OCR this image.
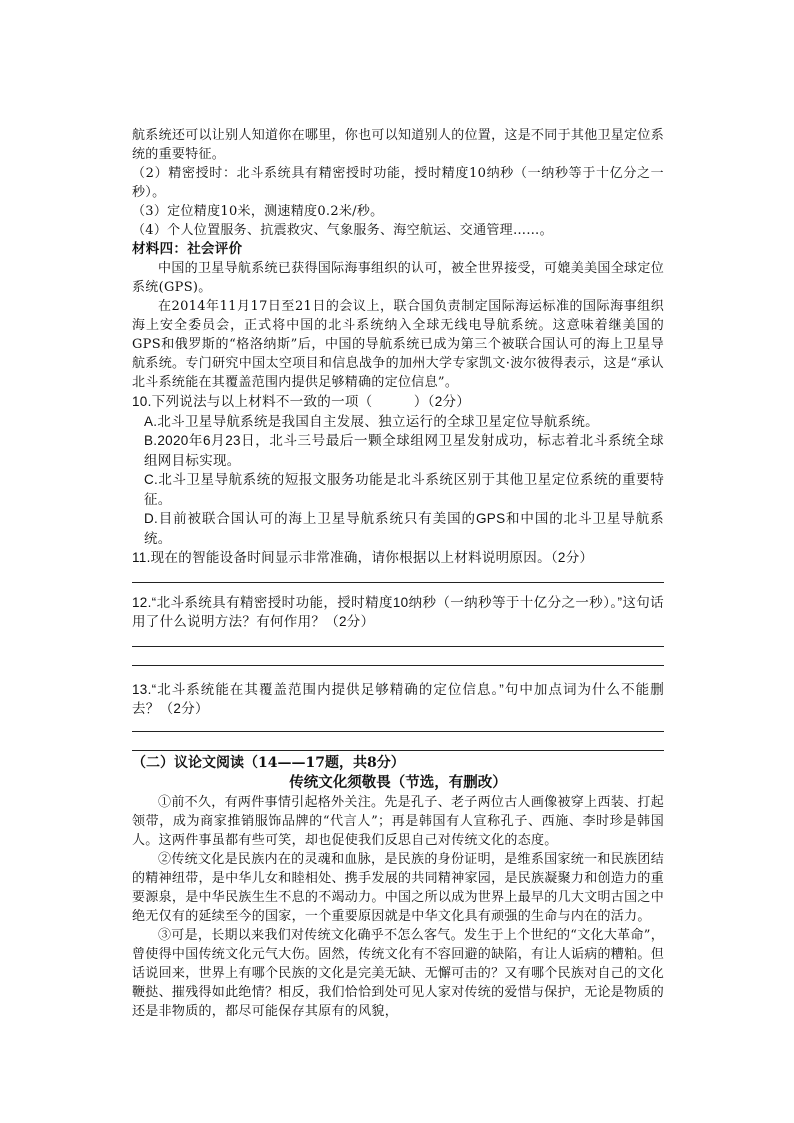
航系统还可以让别人知道你在哪里，你也可以知道别人的位置，这是不同于其他卫星定位系统的重要特征。

（2）精密授时：北斗系统具有精密授时功能，授时精度10纳秒（一纳秒等于十亿分之一秒）。

（3）定位精度10米，测速精度0.2米/秒。

（4）个人位置服务、抗震救灾、气象服务、海空航运、交通管理……。

材料四：社会评价

中国的卫星导航系统已获得国际海事组织的认可，被全世界接受，可媲美美国全球定位系统(GPS)。

在2014年11月17日至21日的会议上，联合国负责制定国际海运标准的国际海事组织海上安全委员会，正式将中国的北斗系统纳入全球无线电导航系统。这意味着继美国的GPS和俄罗斯的“格洛纳斯”后，中国的导航系统已成为第三个被联合国认可的海上卫星导航系统。专门研究中国太空项目和信息战争的加州大学专家凯文·波尔彼得表示，这是“承认北斗系统能在其覆盖范围内提供足够精确的定位信息”。

10.下列说法与以上材料不一致的一项（　　　）（2分）

A.北斗卫星导航系统是我国自主发展、独立运行的全球卫星定位导航系统。

B.2020年6月23日，北斗三号最后一颗全球组网卫星发射成功，标志着北斗系统全球组网目标实现。

C.北斗卫星导航系统的短报文服务功能是北斗系统区别于其他卫星定位系统的重要特征。

D.目前被联合国认可的海上卫星导航系统只有美国的GPS和中国的北斗卫星导航系统。

11.现在的智能设备时间显示非常准确，请你根据以上材料说明原因。（2分）

12.“北斗系统具有精密授时功能，授时精度10纳秒（一纳秒等于十亿分之一秒）。”这句话用了什么说明方法？有何作用？（2分）

13.“北斗系统能在其覆盖范围内提供足够精确的定位信息。”句中加点词为什么不能删去？（2分）

（二）议论文阅读（14——17题，共8分）

传统文化须敬畏（节选，有删改）

①前不久，有两件事情引起格外关注。先是孔子、老子两位古人画像被穿上西装、打起领带，成为商家推销服饰品牌的“代言人”；再是韩国有人宣称孔子、西施、李时珍是韩国人。这两件事虽都有些可笑，却也促使我们反思自己对传统文化的态度。

②传统文化是民族内在的灵魂和血脉，是民族的身份证明，是维系国家统一和民族团结的精神纽带，是中华儿女和睦相处、携手发展的共同精神家园，是民族凝聚力和创造力的重要源泉，是中华民族生生不息的不竭动力。中国之所以成为世界上最早的几大文明古国之中绝无仅有的延续至今的国家，一个重要原因就是中华文化具有顽强的生命与内在的活力。

③可是，长期以来我们对传统文化确乎不怎么客气。发生于上个世纪的“文化大革命”，曾使得中国传统文化元气大伤。固然，传统文化有不容回避的缺陷，有让人诟病的糟粕。但话说回来，世界上有哪个民族的文化是完美无缺、无懈可击的？又有哪个民族对自己的文化鞭挞、摧残得如此绝情？相反，我们恰恰到处可见人家对传统的爱惜与保护，无论是物质的还是非物质的，都尽可能保存其原有的风貌，
